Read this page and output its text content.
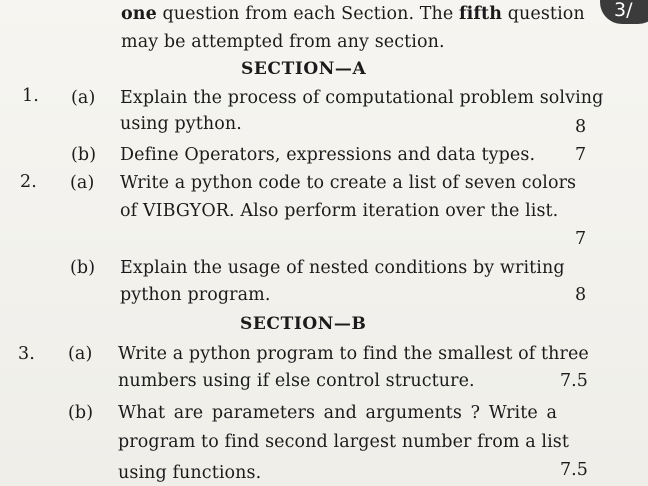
one question from each Section. The fifth question
may be attempted from any section.
SECTION—A
1. (a) Explain the process of computational problem solving
using python.	8
(b) Define Operators, expressions and data types. 7
2. (a) Write a python code to create a list of seven colors
of VIBGYOR. Also perform iteration over the list.
7
(b) Explain the usage of nested conditions by writing
python program.	8
SECTION—B
3. (a) Write a python program to find the smallest of three
numbers using if else control structure.	7.5
(b) What are parameters and arguments ? Write a
program to find second largest number from a list
using functions.	7.5
3/
